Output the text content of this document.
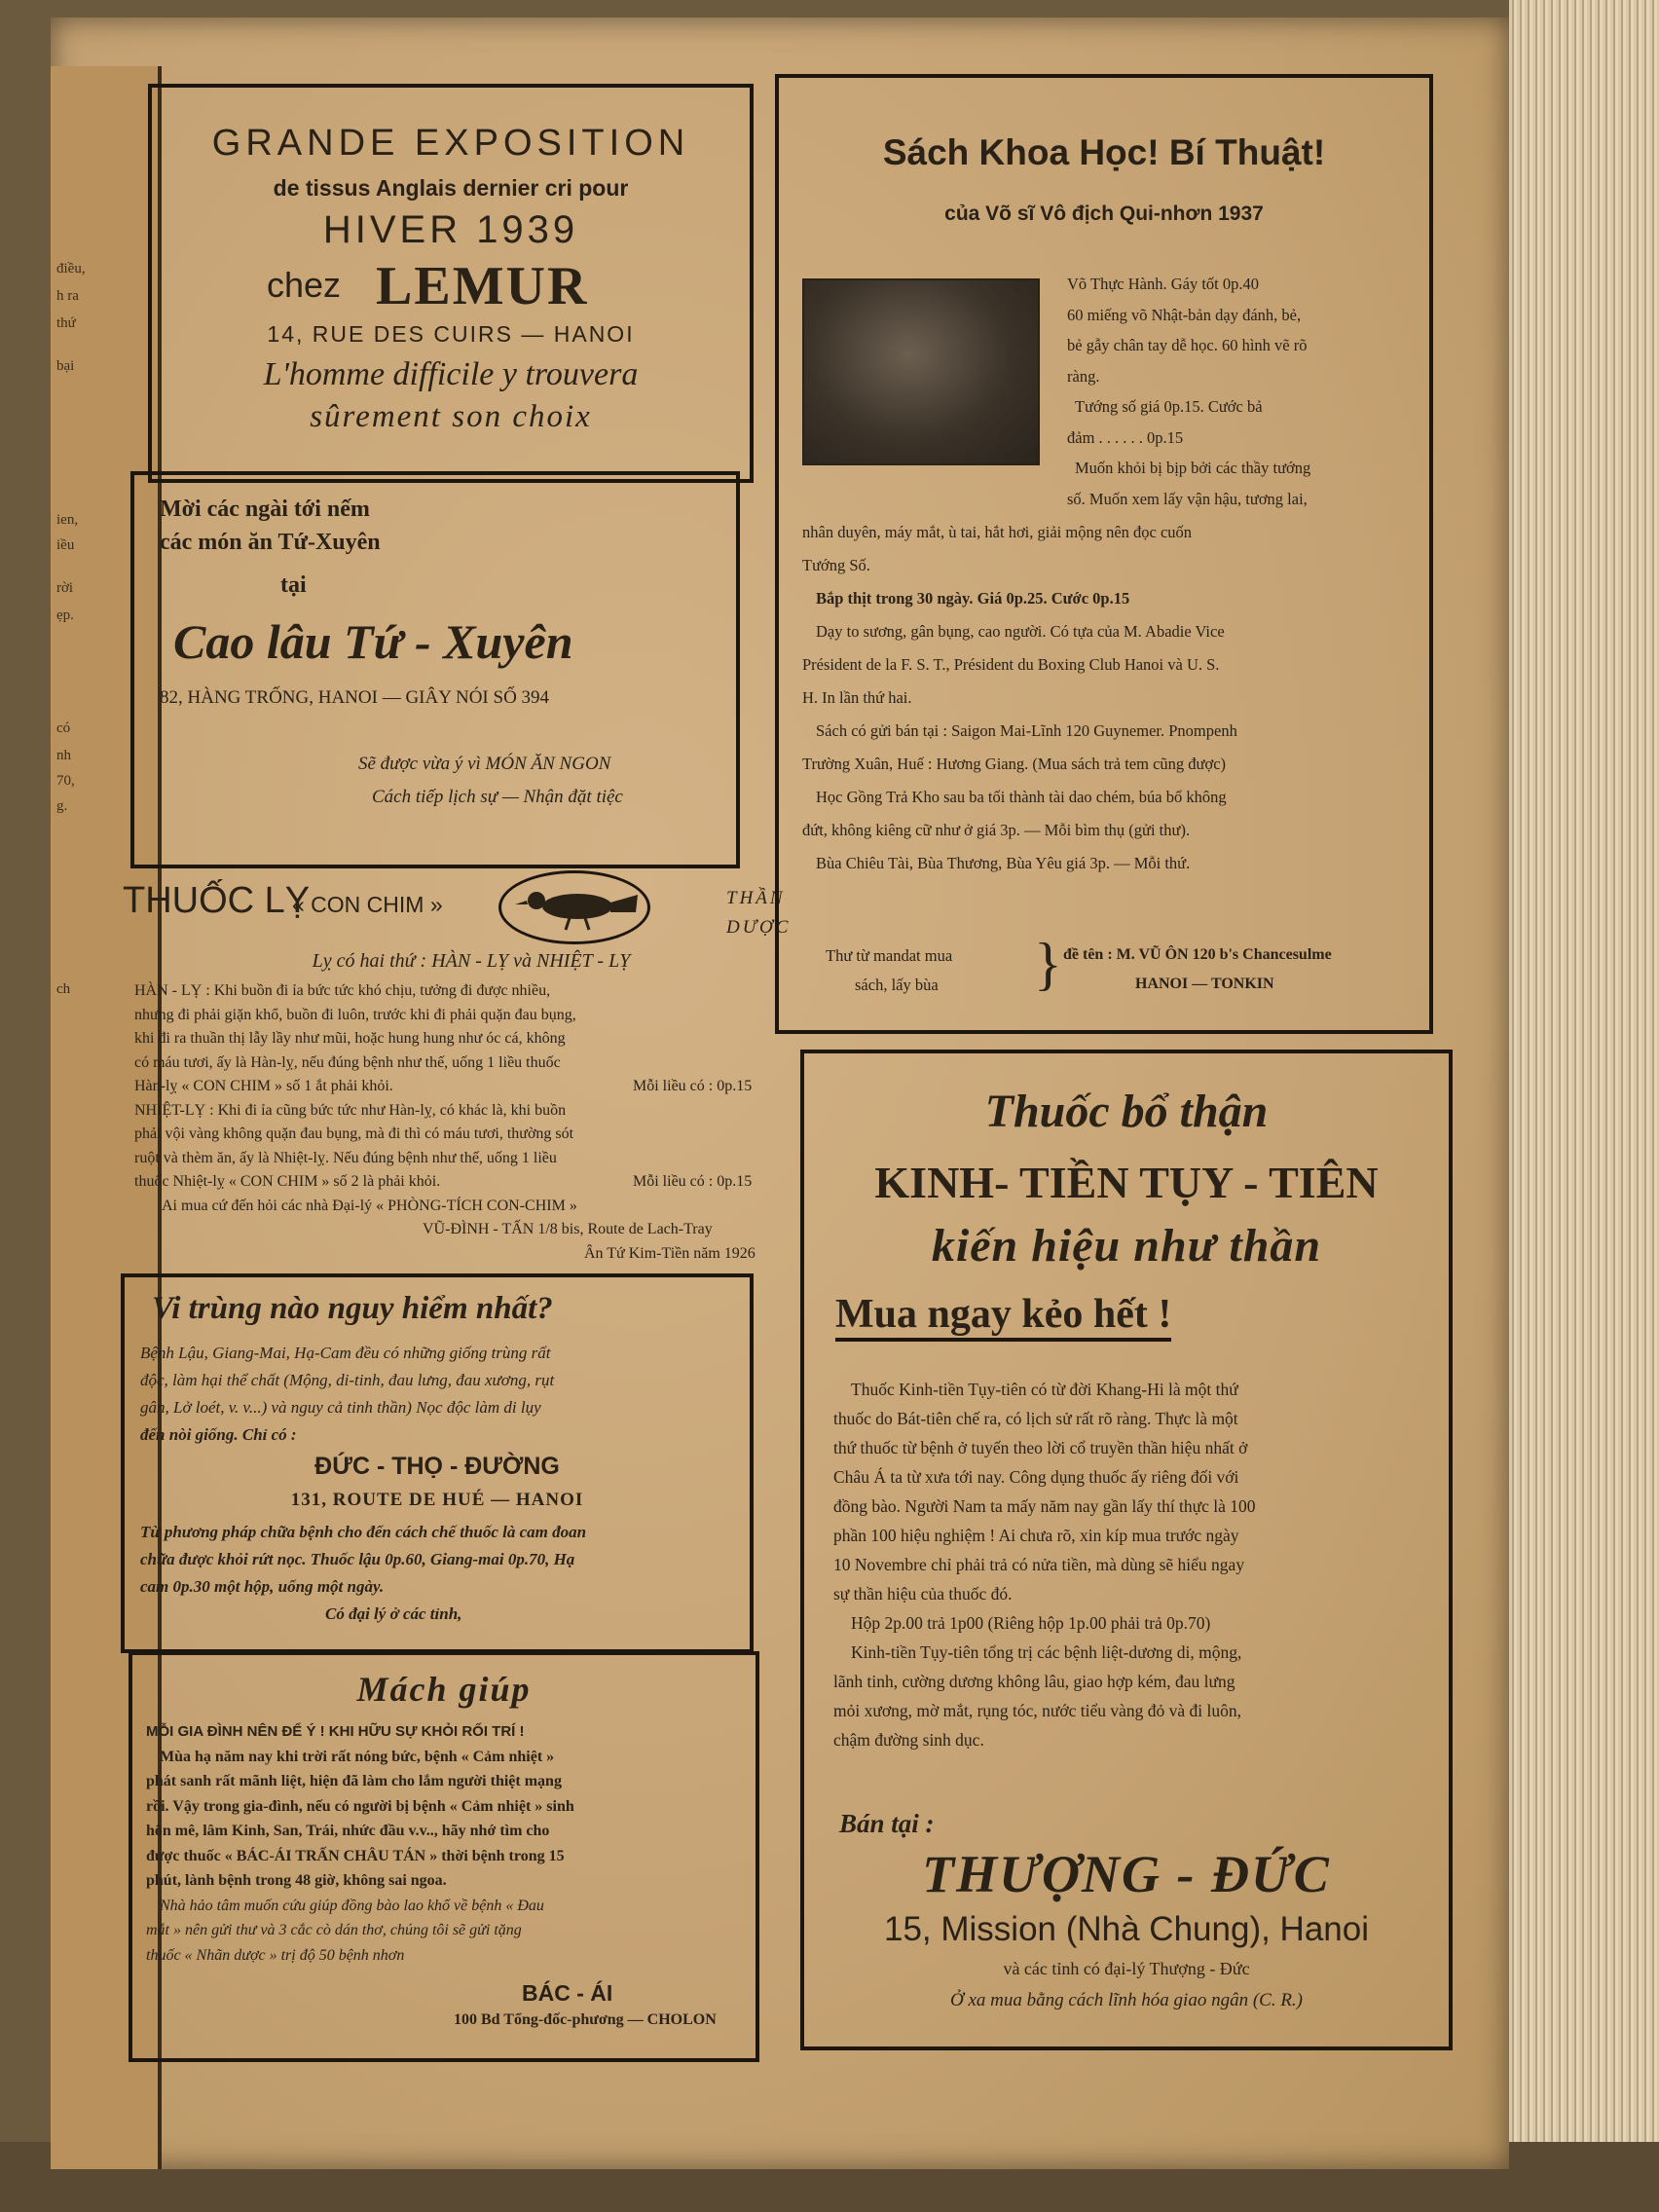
điều,
h ra
thứ
bại
ien,
iều
rời
ẹp.
có
nh
70,
g.
ch
GRANDE EXPOSITION
de tissus Anglais dernier cri pour
HIVER 1939
chez LEMUR
14, RUE DES CUIRS — HANOI
L'homme difficile y trouvera
sûrement son choix
Mời các ngài tới nếm
các món ăn Tứ-Xuyên
tại
Cao lâu Tứ - Xuyên
82, HÀNG TRỐNG, HANOI — GIÂY NÓI SỐ 394
Sẽ được vừa ý vì MÓN ĂN NGON
Cách tiếp lịch sự — Nhận đặt tiệc
THUỐC LỴ
« CON CHIM »	THẦN
DƯỢC
Lỵ có hai thứ : HÀN - LỴ và NHIỆT - LỴ
HÀN - LỴ : Khi buồn đi ỉa bức tức khó chịu, tưởng đi được nhiều,
nhưng đi phải giặn khổ, buồn đi luôn, trước khi đi phải quặn đau bụng,
khi đi ra thuần thị lẫy lầy như mũi, hoặc hung hung như óc cá, không
có máu tươi, ấy là Hàn-lỵ, nếu đúng bệnh như thế, uống 1 liều thuốc
Hàn-lỵ « CON CHIM » số 1 ắt phải khỏi.	Mỗi liều có : 0p.15
NHIỆT-LỴ : Khi đi ỉa cũng bức tức như Hàn-lỵ, có khác là, khi buồn
phải vội vàng không quặn đau bụng, mà đi thì có máu tươi, thường sót
ruột và thèm ăn, ấy là Nhiệt-lỵ. Nếu đúng bệnh như thế, uống 1 liều
thuốc Nhiệt-lỵ « CON CHIM » số 2 là phải khỏi.	Mỗi liều có : 0p.15
Ai mua cứ đến hỏi các nhà Đại-lý « PHÒNG-TÍCH CON-CHIM »
VŨ-ĐÌNH - TẤN 1/8 bis, Route de Lach-Tray
Ân Tứ Kim-Tiền năm 1926
Vi trùng nào nguy hiểm nhất?
Bệnh Lậu, Giang-Mai, Hạ-Cam đều có những giống trùng rất
độc, làm hại thể chất (Mộng, di-tinh, đau lưng, đau xương, rụt
gân, Lở loét, v. v...) và nguy cả tinh thần) Nọc độc làm di lụy
đến nòi giống. Chỉ có :
ĐỨC - THỌ - ĐƯỜNG
131, ROUTE DE HUÉ — HANOI
Từ phương pháp chữa bệnh cho đến cách chế thuốc là cam đoan
chữa được khỏi rứt nọc. Thuốc lậu 0p.60, Giang-mai 0p.70, Hạ
cam 0p.30 một hộp, uống một ngày.
Có đại lý ở các tỉnh,
Mách giúp
MỖI GIA ĐÌNH NÊN ĐỂ Ý ! KHI HỮU SỰ KHỎI RỐI TRÍ !
Mùa hạ năm nay khi trời rất nóng bức, bệnh « Cảm nhiệt »
phát sanh rất mãnh liệt, hiện đã làm cho lắm người thiệt mạng
rồi. Vậy trong gia-đình, nếu có người bị bệnh « Cảm nhiệt » sinh
hôn mê, lâm Kinh, San, Trái, nhức đầu v.v.., hãy nhớ tìm cho
được thuốc « BÁC-ÁI TRẤN CHÂU TÁN » thời bệnh trong 15
phút, lành bệnh trong 48 giờ, không sai ngoa.
Nhà hảo tâm muốn cứu giúp đồng bào lao khổ về bệnh « Đau
mắt » nên gửi thư và 3 cắc cò dán thơ, chúng tôi sẽ gửi tặng
thuốc « Nhãn dược » trị độ 50 bệnh nhơn
BÁC - ÁI
100 Bd Tổng-đốc-phương — CHOLON
Sách Khoa Học! Bí Thuật!
của Võ sĩ Vô địch Qui-nhơn 1937
Võ Thực Hành. Gáy tốt 0p.40
60 miếng võ Nhật-bản dạy đánh, bẻ,
bẻ gẫy chân tay dễ học. 60 hình vẽ rõ
ràng.
Tướng số giá 0p.15. Cước bả
đảm . . . . . . 0p.15
Muốn khỏi bị bịp bởi các thầy tướng
số. Muốn xem lấy vận hậu, tương lai,
nhân duyên, máy mắt, ù tai, hắt hơi, giải mộng nên đọc cuốn
Tướng Số.
Bắp thịt trong 30 ngày. Giá 0p.25. Cước 0p.15
Dạy to sương, gân bụng, cao người. Có tựa của M. Abadie Vice
Président de la F. S. T., Président du Boxing Club Hanoi và U. S.
H. In lần thứ hai.
Sách có gửi bán tại : Saigon Mai-Lĩnh 120 Guynemer. Pnompenh
Trường Xuân, Huế : Hương Giang. (Mua sách trả tem cũng được)
Học Gồng Trả Kho sau ba tối thành tài dao chém, búa bổ không
đứt, không kiêng cữ như ở giá 3p. — Mỗi bìm thụ (gửi thư).
Bùa Chiêu Tài, Bùa Thương, Bùa Yêu giá 3p. — Mỗi thứ.
Thư từ mandat mua
sách, lấy bùa } đề tên : M. VŨ ÔN 120 b's Chancesulme
HANOI — TONKIN
Thuốc bổ thận
KINH- TIỀN TỤY - TIÊN
kiến hiệu như thần
Mua ngay kẻo hết !
Thuốc Kinh-tiền Tụy-tiên có từ đời Khang-Hi là một thứ
thuốc do Bát-tiên chế ra, có lịch sử rất rõ ràng. Thực là một
thứ thuốc từ bệnh ở tuyến theo lời cổ truyền thần hiệu nhất ở
Châu Á ta từ xưa tới nay. Công dụng thuốc ấy riêng đối với
đồng bào. Người Nam ta mấy năm nay gần lấy thí thực là 100
phần 100 hiệu nghiệm ! Ai chưa rõ, xin kíp mua trước ngày
10 Novembre chỉ phải trả có nửa tiền, mà dùng sẽ hiểu ngay
sự thần hiệu của thuốc đó.
Hộp 2p.00 trả 1p00 (Riêng hộp 1p.00 phải trả 0p.70)
Kinh-tiền Tụy-tiên tổng trị các bệnh liệt-dương di, mộng,
lãnh tinh, cường dương không lâu, giao hợp kém, đau lưng
mỏi xương, mờ mắt, rụng tóc, nước tiểu vàng đỏ và đi luôn,
chậm đường sinh dục.
Bán tại :
THƯỢNG - ĐỨC
15, Mission (Nhà Chung), Hanoi
và các tỉnh có đại-lý Thượng - Đức
Ở xa mua bằng cách lĩnh hóa giao ngân (C. R.)
